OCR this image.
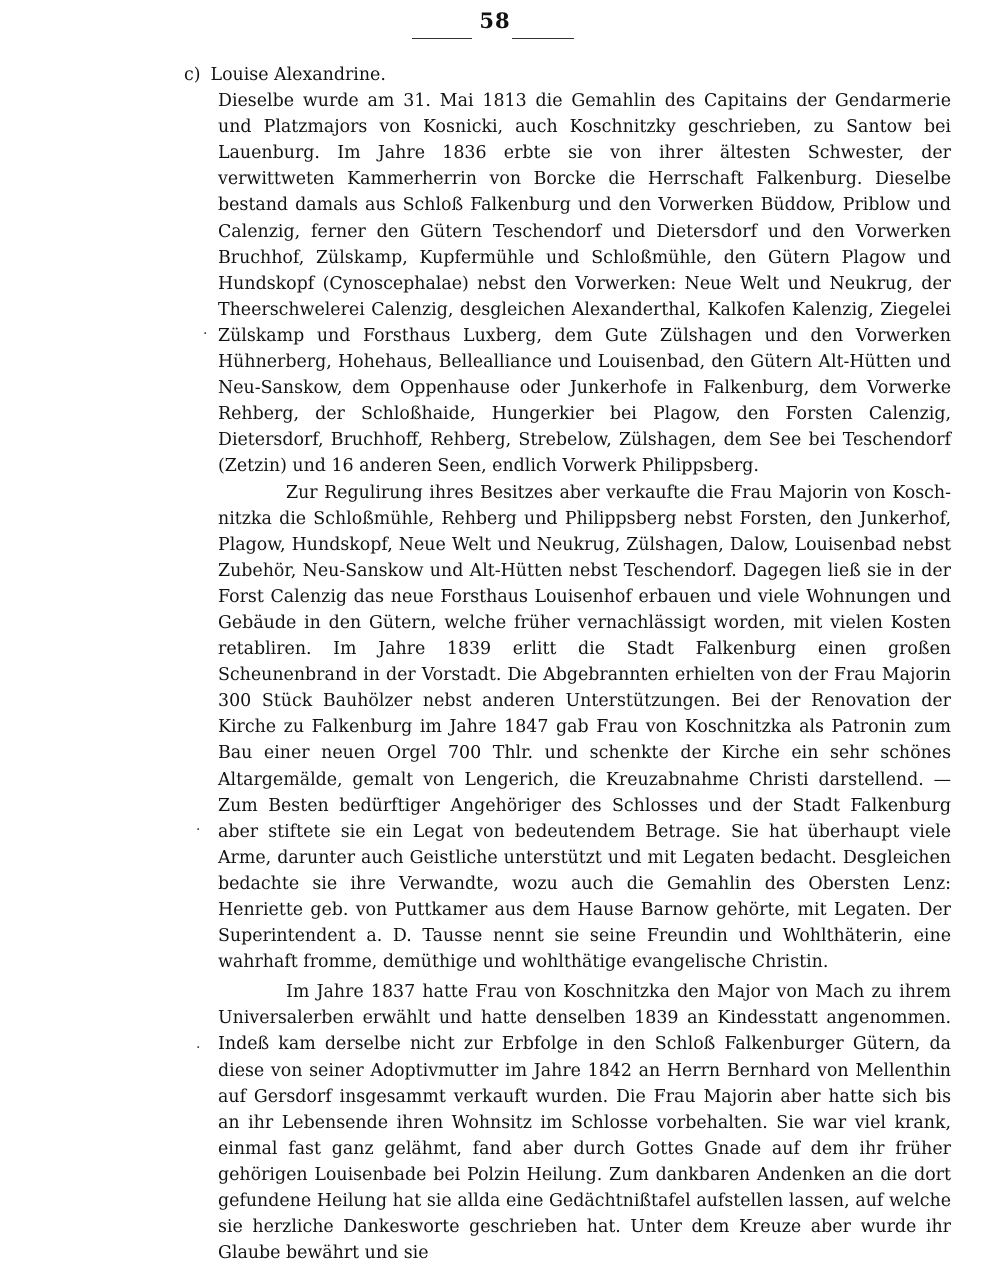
58

c) Louise Alexandrine.

Dieselbe wurde am 31. Mai 1813 die Gemahlin des Capitains der Gendarmerie und Platzmajors von Kosnicki, auch Koschnitzky geschrieben, zu Santow bei Lauenburg. Im Jahre 1836 erbte sie von ihrer ältesten Schwester, der verwittweten Kammerherrin von Borcke die Herrschaft Falkenburg. Dieselbe bestand damals aus Schloß Falkenburg und den Vorwerken Büddow, Priblow und Calenzig, ferner den Gütern Teschendorf und Dietersdorf und den Vorwerken Bruchhof, Zülskamp, Kupfermühle und Schloßmühle, den Gütern Plagow und Hundskopf (Cynoscephalae) nebst den Vorwerken: Neue Welt und Neukrug, der Theerschwelerei Calenzig, desgleichen Alexanderthal, Kalkofen Kalenzig, Ziegelei Zülskamp und Forsthaus Luxberg, dem Gute Zülshagen und den Vorwerken Hühnerberg, Hohehaus, Bellealliance und Louisenbad, den Gütern Alt-Hütten und Neu-Sanskow, dem Oppenhause oder Junkerhofe in Falkenburg, dem Vorwerke Rehberg, der Schloßhaide, Hungerkier bei Plagow, den Forsten Calenzig, Dietersdorf, Bruchhoff, Rehberg, Strebelow, Zülshagen, dem See bei Teschendorf (Zetzin) und 16 anderen Seen, endlich Vorwerk Philippsberg.

Zur Regulirung ihres Besitzes aber verkaufte die Frau Majorin von Koschnitzka die Schloßmühle, Rehberg und Philippsberg nebst Forsten, den Junkerhof, Plagow, Hundskopf, Neue Welt und Neukrug, Zülshagen, Dalow, Louisenbad nebst Zubehör, Neu-Sanskow und Alt-Hütten nebst Teschendorf. Dagegen ließ sie in der Forst Calenzig das neue Forsthaus Louisenhof erbauen und viele Wohnungen und Gebäude in den Gütern, welche früher vernachlässigt worden, mit vielen Kosten retabliren. Im Jahre 1839 erlitt die Stadt Falkenburg einen großen Scheunenbrand in der Vorstadt. Die Abgebrannten erhielten von der Frau Majorin 300 Stück Bauhölzer nebst anderen Unterstützungen. Bei der Renovation der Kirche zu Falkenburg im Jahre 1847 gab Frau von Koschnitzka als Patronin zum Bau einer neuen Orgel 700 Thlr. und schenkte der Kirche ein sehr schönes Altargemälde, gemalt von Lengerich, die Kreuzabnahme Christi darstellend. — Zum Besten bedürftiger Angehöriger des Schlosses und der Stadt Falkenburg aber stiftete sie ein Legat von bedeutendem Betrage. Sie hat überhaupt viele Arme, darunter auch Geistliche unterstützt und mit Legaten bedacht. Desgleichen bedachte sie ihre Verwandte, wozu auch die Gemahlin des Obersten Lenz: Henriette geb. von Puttkamer aus dem Hause Barnow gehörte, mit Legaten. Der Superintendent a. D. Tausse nennt sie seine Freundin und Wohlthäterin, eine wahrhaft fromme, demüthige und wohlthätige evangelische Christin.

Im Jahre 1837 hatte Frau von Koschnitzka den Major von Mach zu ihrem Universalerben erwählt und hatte denselben 1839 an Kindesstatt angenommen. Indeß kam derselbe nicht zur Erbfolge in den Schloß Falkenburger Gütern, da diese von seiner Adoptivmutter im Jahre 1842 an Herrn Bernhard von Mellenthin auf Gersdorf insgesammt verkauft wurden. Die Frau Majorin aber hatte sich bis an ihr Lebensende ihren Wohnsitz im Schlosse vorbehalten. Sie war viel krank, einmal fast ganz gelähmt, fand aber durch Gottes Gnade auf dem ihr früher gehörigen Louisenbade bei Polzin Heilung. Zum dankbaren Andenken an die dort gefundene Heilung hat sie allda eine Gedächtnißtafel aufstellen lassen, auf welche sie herzliche Dankesworte geschrieben hat. Unter dem Kreuze aber wurde ihr Glaube bewährt und sie

·
·
·
